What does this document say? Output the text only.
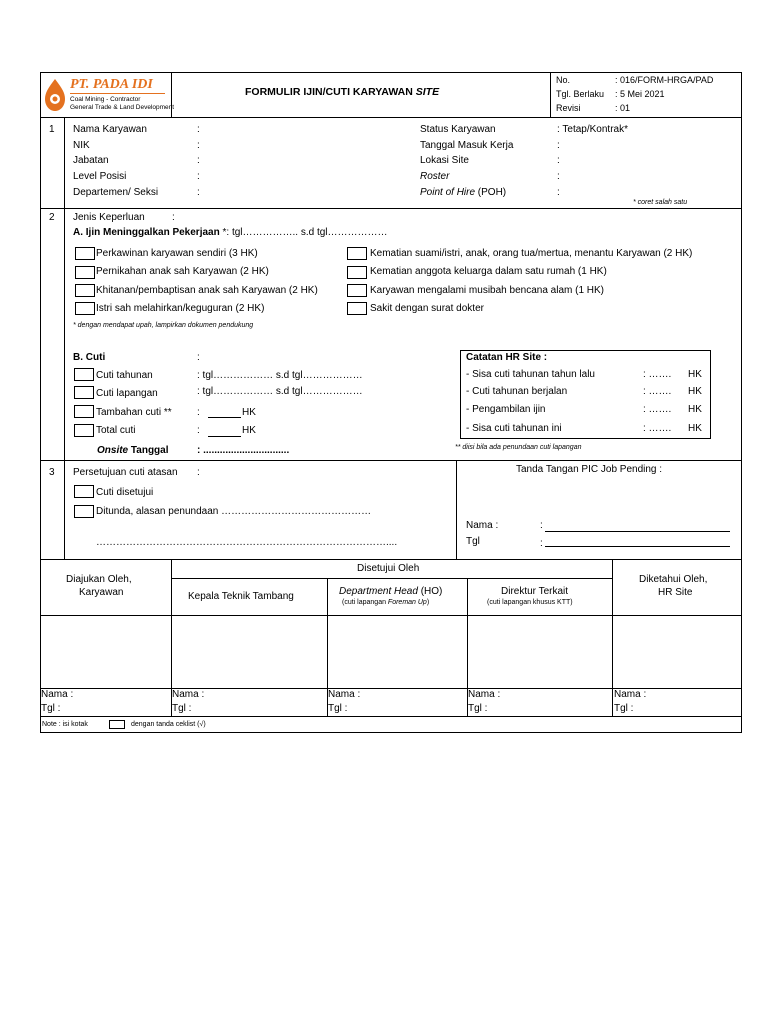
PT. PADA IDI
Coal Mining - Contractor
General Trade & Land Development
FORMULIR IJIN/CUTI KARYAWAN SITE
No.	: 016/FORM-HRGA/PAD
Tgl. Berlaku : 5 Mei 2021
Revisi	: 01
1 Nama Karyawan	:
NIK	:
Jabatan	:
Level Posisi	:
Departemen/ Seksi	:
Status Karyawan	: Tetap/Kontrak*
Tanggal Masuk Kerja	:
Lokasi Site	:
Roster	:
Point of Hire (POH)	:
* coret salah satu
2 Jenis Keperluan	:
A. Ijin Meninggalkan Pekerjaan *: tgl…………….. s.d tgl………………
Perkawinan karyawan sendiri (3 HK)
Pernikahan anak sah Karyawan (2 HK)
Khitanan/pembaptisan anak sah Karyawan (2 HK)
Istri sah melahirkan/keguguran (2 HK)
Kematian suami/istri, anak, orang tua/mertua, menantu Karyawan (2 HK)
Kematian anggota keluarga dalam satu rumah (1 HK)
Karyawan mengalami musibah bencana alam (1 HK)
Sakit dengan surat dokter
* dengan mendapat upah, lampirkan dokumen pendukung
B. Cuti	:
Cuti tahunan	: tgl……………… s.d tgl………………
Cuti lapangan	: tgl……………… s.d tgl………………
Tambahan cuti **	:	HK
Total cuti	:	HK
Onsite Tanggal	: ...............................
Catatan HR Site :
- Sisa cuti tahunan tahun lalu	: ……. HK
- Cuti tahunan berjalan	: ……. HK
- Pengambilan ijin	: ……. HK
- Sisa cuti tahunan ini	: ……. HK
** diisi bila ada penundaan cuti lapangan
3 Persetujuan cuti atasan :
Cuti disetujui
Ditunda, alasan penundaan ………………………………………
……………………………………………………………………………....
Tanda Tangan PIC Job Pending :
Nama :	:
Tgl	:
Disetujui Oleh
Diajukan Oleh,
Karyawan	Kepala Teknik Tambang	Department Head (HO)
(cuti lapangan Foreman Up)
Direktur Terkait
(cuti lapangan khusus KTT)
Diketahui Oleh,
HR Site
Nama :
Tgl :
Nama :
Tgl :
Nama :
Tgl :
Nama :
Tgl :
Nama :
Tgl :
Note : isi kotak	dengan tanda ceklist (√)
